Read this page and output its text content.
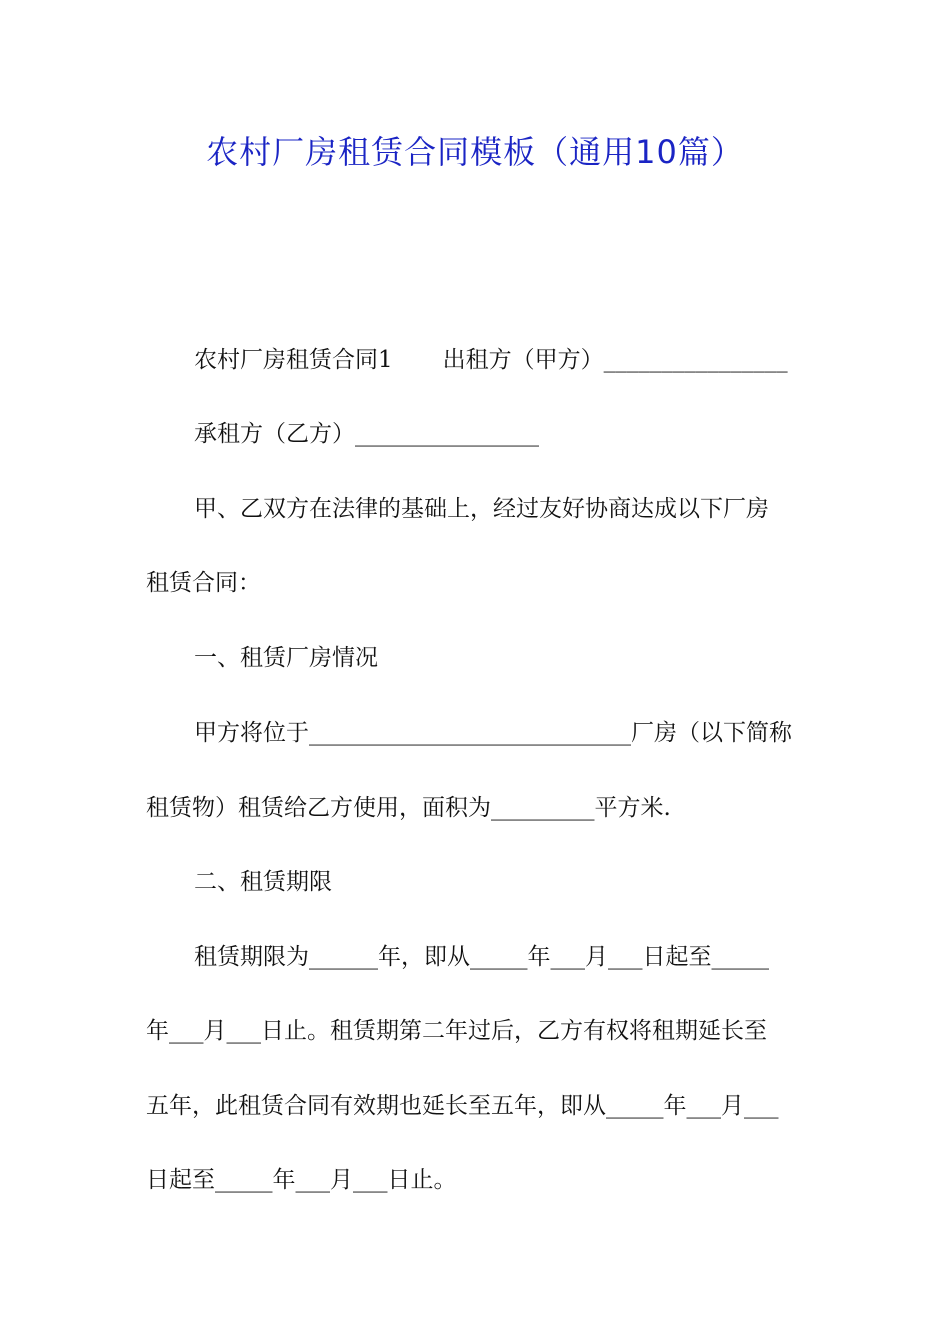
农村厂房租赁合同模板（通用10篇）
农村厂房租赁合同1 出租方（甲方）________________
承租方（乙方）________________
甲、乙双方在法律的基础上，经过友好协商达成以下厂房
租赁合同：
一、租赁厂房情况
甲方将位于____________________________厂房（以下简称
租赁物）租赁给乙方使用，面积为_________平方米.
二、租赁期限
租赁期限为______年，即从_____年___月___日起至_____
年___月___日止。租赁期第二年过后，乙方有权将租期延长至
五年，此租赁合同有效期也延长至五年，即从_____年___月___
日起至_____年___月___日止。
